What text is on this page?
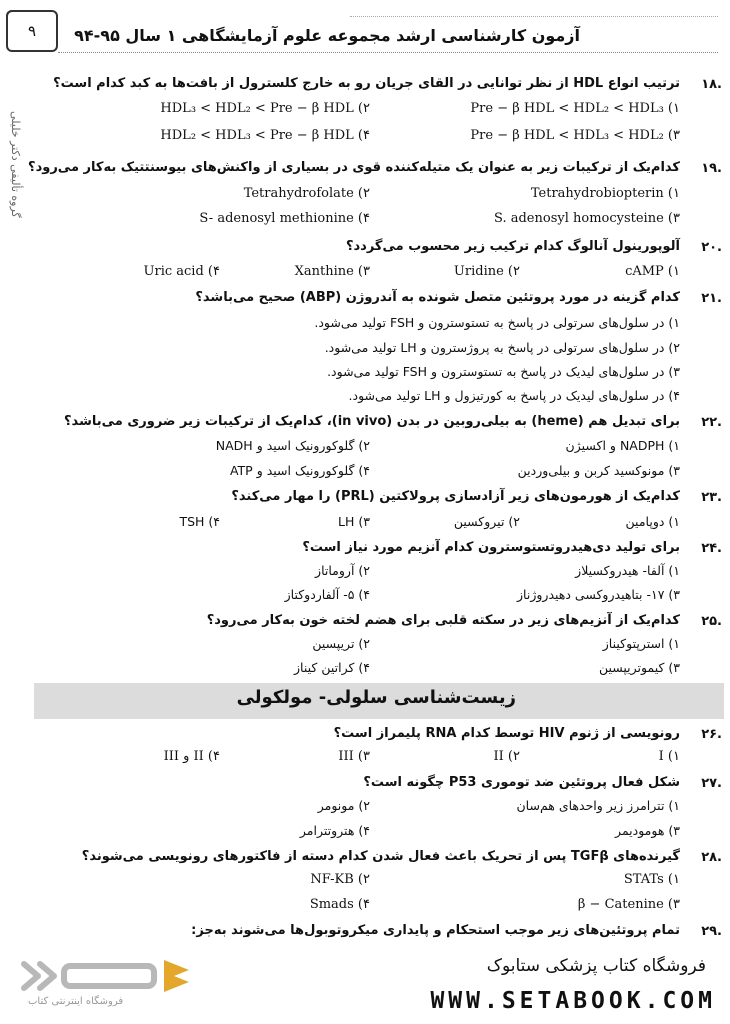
۹ آزمون کارشناسی ارشد مجموعه علوم آزمایشگاهی ۱ سال ۹۵-۹۴
گروه تألیفی دکتر خلیلی
۱۸.
ترتیب انواع HDL از نظر توانایی در القای جریان رو به خارج کلسترول از بافت‌ها به کبد کدام است؟
۱) Pre − β HDL < HDL₂ < HDL₃
۲) HDL₃ < HDL₂ < Pre − β HDL
۳) Pre − β HDL < HDL₃ < HDL₂
۴) HDL₂ < HDL₃ < Pre − β HDL
۱۹.
کدام‌یک از ترکیبات زیر به عنوان یک متیله‌کننده قوی در بسیاری از واکنش‌های بیوسنتتیک به‌کار می‌رود؟
۱) Tetrahydrobiopterin
۲) Tetrahydrofolate
۳) S. adenosyl homocysteine
۴) S- adenosyl methionine
۲۰.
آلوپورینول آنالوگ کدام ترکیب زیر محسوب می‌گردد؟
۱) cAMP
۲) Uridine
۳) Xanthine
۴) Uric acid
۲۱.
کدام گزینه در مورد پروتئین متصل شونده به آندروژن (ABP) صحیح می‌باشد؟
۱) در سلول‌های سرتولی در پاسخ به تستوسترون و FSH تولید می‌شود.
۲) در سلول‌های سرتولی در پاسخ به پروژسترون و LH تولید می‌شود.
۳) در سلول‌های لیدیک در پاسخ به تستوسترون و FSH تولید می‌شود.
۴) در سلول‌های لیدیک در پاسخ به کورتیزول و LH تولید می‌شود.
۲۲.
برای تبدیل هم (heme) به بیلی‌روبین در بدن (in vivo)، کدام‌یک از ترکیبات زیر ضروری می‌باشد؟
۱) NADPH و اکسیژن
۲) گلوکورونیک اسید و NADH
۳) مونوکسید کربن و بیلی‌وردین
۴) گلوکورونیک اسید و ATP
۲۳.
کدام‌یک از هورمون‌های زیر آزادسازی پرولاکتین (PRL) را مهار می‌کند؟
۱) دوپامین
۲) تیروکسین
۳) LH
۴) TSH
۲۴.
برای تولید دی‌هیدروتستوسترون کدام آنزیم مورد نیاز است؟
۱) آلفا- هیدروکسیلاز
۲) آروماتاز
۳) ۱۷- بتاهیدروکسی دهیدروژناز
۴) ۵- آلفاردوکتاز
۲۵.
کدام‌یک از آنزیم‌های زیر در سکته قلبی برای هضم لخته خون به‌کار می‌رود؟
۱) استرپتوکیناز
۲) تریپسین
۳) کیموتریپسین
۴) کراتین کیناز
زیست‌شناسی سلولی- مولکولی
۲۶.
رونویسی از ژنوم HIV توسط کدام RNA پلیمراز است؟
۱) I
۲) II
۳) III
۴) II و III
۲۷.
شکل فعال پروتئین ضد توموری P53 چگونه است؟
۱) تترامرز زیر واحدهای هم‌سان
۲) مونومر
۳) هومودیمر
۴) هتروتترامر
۲۸.
گیرنده‌های TGFβ پس از تحریک باعث فعال شدن کدام دسته از فاکتورهای رونویسی می‌شوند؟
۱) STATs
۲) NF-KB
۳) β − Catenine
۴) Smads
۲۹.
تمام پروتئین‌های زیر موجب استحکام و پایداری میکروتوبول‌ها می‌شوند به‌جز:
فروشگاه اینترنتی کتاب
فروشگاه کتاب پزشکی ستابوک
WWW.SETABOOK.COM
